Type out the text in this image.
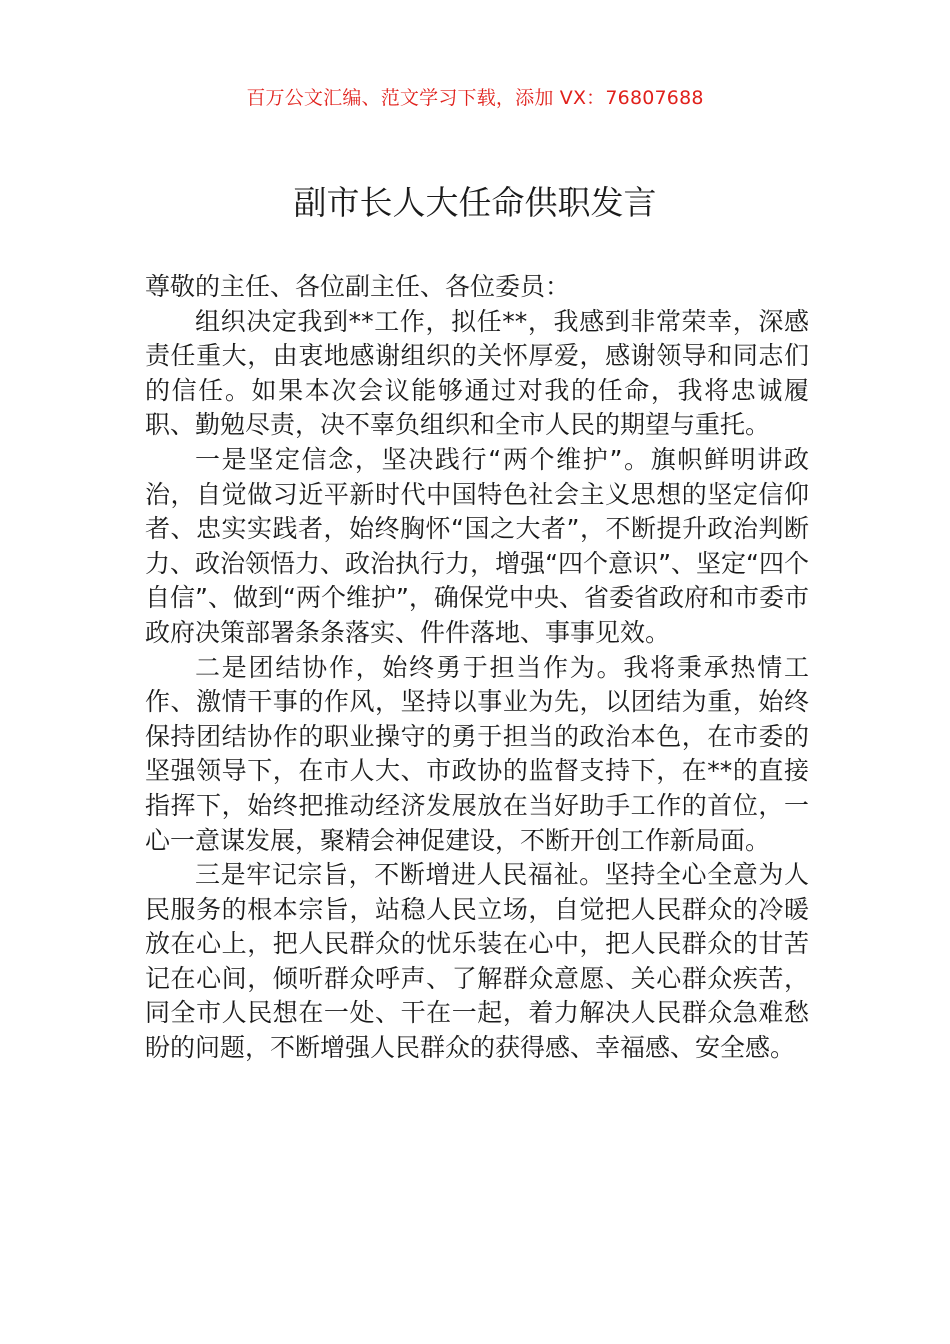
百万公文汇编、范文学习下载，添加 VX：76807688
副市长人大任命供职发言

尊敬的主任、各位副主任、各位委员：

组织决定我到**工作，拟任**，我感到非常荣幸，深感责任重大，由衷地感谢组织的关怀厚爱，感谢领导和同志们的信任。如果本次会议能够通过对我的任命，我将忠诚履职、勤勉尽责，决不辜负组织和全市人民的期望与重托。

一是坚定信念，坚决践行“两个维护”。旗帜鲜明讲政治，自觉做习近平新时代中国特色社会主义思想的坚定信仰者、忠实实践者，始终胸怀“国之大者”，不断提升政治判断力、政治领悟力、政治执行力，增强“四个意识”、坚定“四个自信”、做到“两个维护”，确保党中央、省委省政府和市委市政府决策部署条条落实、件件落地、事事见效。

二是团结协作，始终勇于担当作为。我将秉承热情工作、激情干事的作风，坚持以事业为先，以团结为重，始终保持团结协作的职业操守的勇于担当的政治本色，在市委的坚强领导下，在市人大、市政协的监督支持下，在**的直接指挥下，始终把推动经济发展放在当好助手工作的首位，一心一意谋发展，聚精会神促建设，不断开创工作新局面。

三是牢记宗旨，不断增进人民福祉。坚持全心全意为人民服务的根本宗旨，站稳人民立场，自觉把人民群众的冷暖放在心上，把人民群众的忧乐装在心中，把人民群众的甘苦记在心间，倾听群众呼声、了解群众意愿、关心群众疾苦，同全市人民想在一处、干在一起，着力解决人民群众急难愁盼的问题，不断增强人民群众的获得感、幸福感、安全感。
